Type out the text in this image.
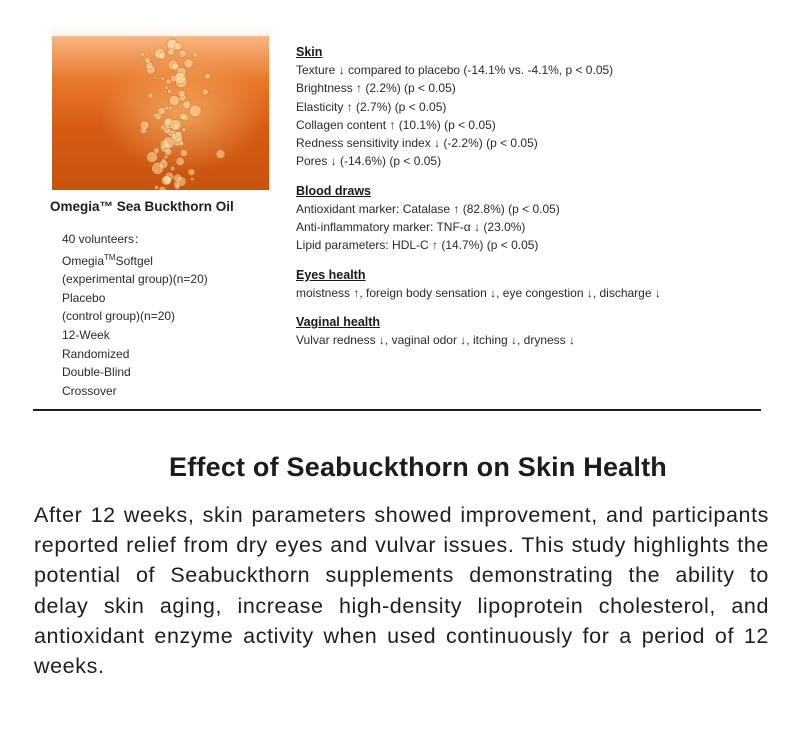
Omegia™ Sea Buckthorn Oil
40 volunteers：
Omegia™Softgel
(experimental group)(n=20)
Placebo
(control group)(n=20)
12-Week
Randomized
Double-Blind
Crossover
Skin
Texture ↓ compared to placebo (-14.1% vs. -4.1%, p < 0.05)
Brightness ↑ (2.2%) (p < 0.05)
Elasticity ↑ (2.7%) (p < 0.05)
Collagen content ↑ (10.1%) (p < 0.05)
Redness sensitivity index ↓ (-2.2%) (p < 0.05)
Pores ↓ (-14.6%) (p < 0.05)
Blood draws
Antioxidant marker: Catalase ↑ (82.8%) (p < 0.05)
Anti-inflammatory marker: TNF-α ↓ (23.0%)
Lipid parameters: HDL-C ↑ (14.7%) (p < 0.05)
Eyes health
moistness ↑, foreign body sensation ↓, eye congestion ↓, discharge ↓
Vaginal health
Vulvar redness ↓, vaginal odor ↓, itching ↓, dryness ↓
Effect of Seabuckthorn on Skin Health
After 12 weeks, skin parameters showed improvement, and participants reported relief from dry eyes and vulvar issues. This study highlights the potential of Seabuckthorn supplements demonstrating the ability to delay skin aging, increase high-density lipoprotein cholesterol, and antioxidant enzyme activity when used continuously for a period of 12 weeks.
